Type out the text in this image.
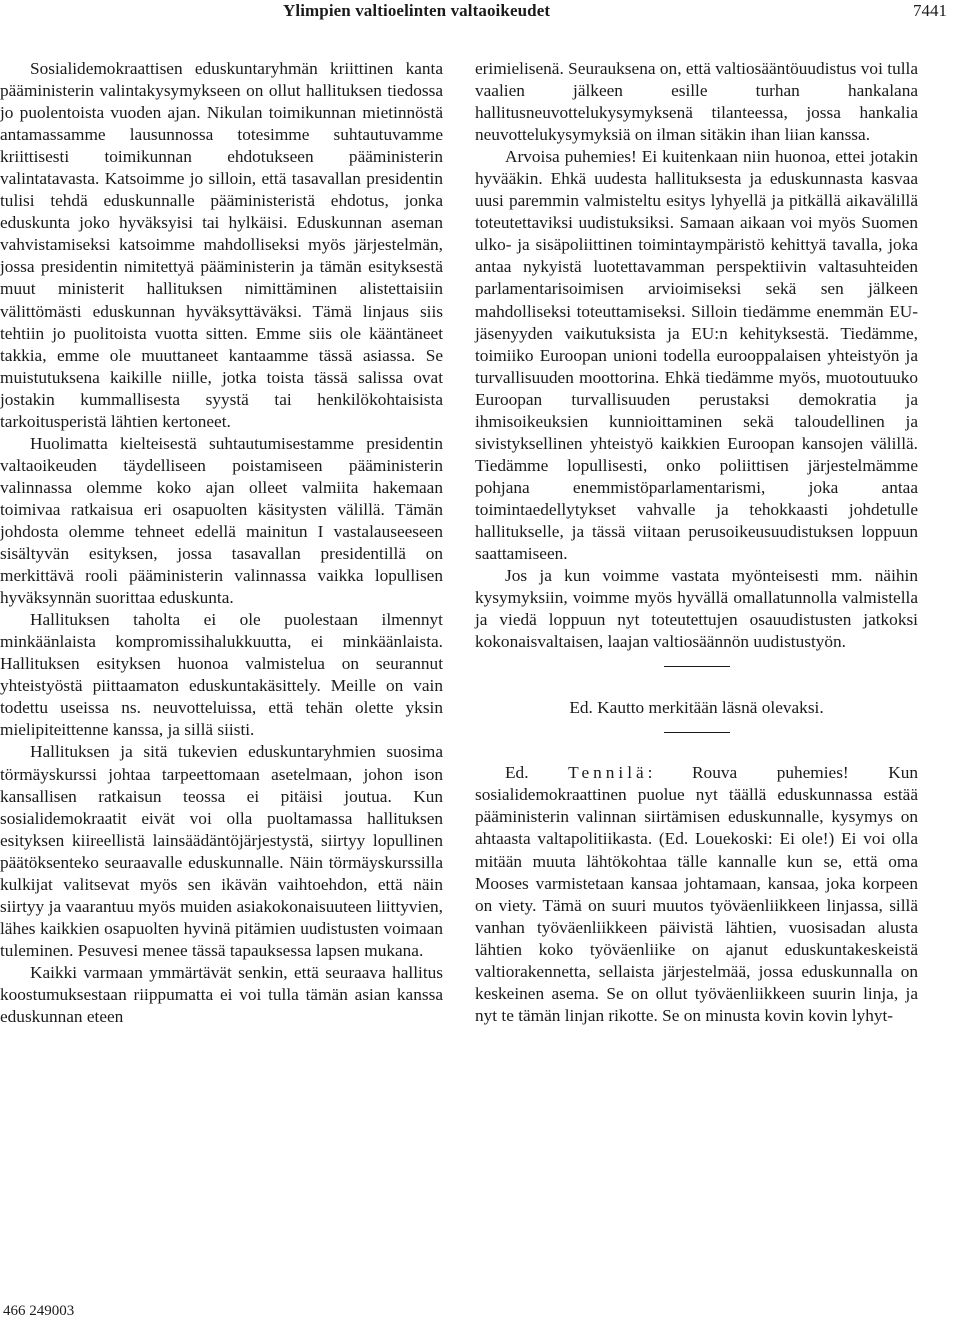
Ylimpien valtioelinten valtaoikeudet	7441

Sosialidemokraattisen eduskuntaryhmän kriittinen kanta pääministerin valintakysymykseen on ollut hallituksen tiedossa jo puolentoista vuoden ajan. Nikulan toimikunnan mietinnöstä antamassamme lausunnossa totesimme suhtautuvamme kriittisesti toimikunnan ehdotukseen pääministerin valintatavasta. Katsoimme jo silloin, että tasavallan presidentin tulisi tehdä eduskunnalle pääministeristä ehdotus, jonka eduskunta joko hyväksyisi tai hylkäisi. Eduskunnan aseman vahvistamiseksi katsoimme mahdolliseksi myös järjestelmän, jossa presidentin nimitettyä pääministerin ja tämän esityksestä muut ministerit hallituksen nimittäminen alistettaisiin välittömästi eduskunnan hyväksyttäväksi. Tämä linjaus siis tehtiin jo puolitoista vuotta sitten. Emme siis ole kääntäneet takkia, emme ole muuttaneet kantaamme tässä asiassa. Se muistutuksena kaikille niille, jotka toista tässä salissa ovat jostakin kummallisesta syystä tai henkilökohtaisista tarkoitusperistä lähtien kertoneet.

Huolimatta kielteisestä suhtautumisestamme presidentin valtaoikeuden täydelliseen poistamiseen pääministerin valinnassa olemme koko ajan olleet valmiita hakemaan toimivaa ratkaisua eri osapuolten käsitysten välillä. Tämän johdosta olemme tehneet edellä mainitun I vastalauseeseen sisältyvän esityksen, jossa tasavallan presidentillä on merkittävä rooli pääministerin valinnassa vaikka lopullisen hyväksynnän suorittaa eduskunta.

Hallituksen taholta ei ole puolestaan ilmennyt minkäänlaista kompromissihalukkuutta, ei minkäänlaista. Hallituksen esityksen huonoa valmistelua on seurannut yhteistyöstä piittaamaton eduskuntakäsittely. Meille on vain todettu useissa ns. neuvotteluissa, että tehän olette yksin mielipiteittenne kanssa, ja sillä siisti.

Hallituksen ja sitä tukevien eduskuntaryhmien suosima törmäyskurssi johtaa tarpeettomaan asetelmaan, johon ison kansallisen ratkaisun teossa ei pitäisi joutua. Kun sosialidemokraatit eivät voi olla puoltamassa hallituksen esityksen kiireellistä lainsäädäntöjärjestystä, siirtyy lopullinen päätöksenteko seuraavalle eduskunnalle. Näin törmäyskurssilla kulkijat valitsevat myös sen ikävän vaihtoehdon, että näin siirtyy ja vaarantuu myös muiden asiakokonaisuuteen liittyvien, lähes kaikkien osapuolten hyvinä pitämien uudistusten voimaan tuleminen. Pesuvesi menee tässä tapauksessa lapsen mukana.

Kaikki varmaan ymmärtävät senkin, että seuraava hallitus koostumuksestaan riippumatta ei voi tulla tämän asian kanssa eduskunnan eteen

erimielisenä. Seurauksena on, että valtiosääntöuudistus voi tulla vaalien jälkeen esille turhan hankalana hallitusneuvottelukysymyksenä tilanteessa, jossa hankalia neuvottelukysymyksiä on ilman sitäkin ihan liian kanssa.

Arvoisa puhemies! Ei kuitenkaan niin huonoa, ettei jotakin hyvääkin. Ehkä uudesta hallituksesta ja eduskunnasta kasvaa uusi paremmin valmisteltu esitys lyhyellä ja pitkällä aikavälillä toteutettaviksi uudistuksiksi. Samaan aikaan voi myös Suomen ulko- ja sisäpoliittinen toimintaympäristö kehittyä tavalla, joka antaa nykyistä luotettavamman perspektiivin valtasuhteiden parlamentarisoimisen arvioimiseksi sekä sen jälkeen mahdolliseksi toteuttamiseksi. Silloin tiedämme enemmän EU-jäsenyyden vaikutuksista ja EU:n kehityksestä. Tiedämme, toimiiko Euroopan unioni todella eurooppalaisen yhteistyön ja turvallisuuden moottorina. Ehkä tiedämme myös, muotoutuuko Euroopan turvallisuuden perustaksi demokratia ja ihmisoikeuksien kunnioittaminen sekä taloudellinen ja sivistyksellinen yhteistyö kaikkien Euroopan kansojen välillä. Tiedämme lopullisesti, onko poliittisen järjestelmämme pohjana enemmistöparlamentarismi, joka antaa toimintaedellytykset vahvalle ja tehokkaasti johdetulle hallitukselle, ja tässä viitaan perusoikeusuudistuksen loppuun saattamiseen.

Jos ja kun voimme vastata myönteisesti mm. näihin kysymyksiin, voimme myös hyvällä omallatunnolla valmistella ja viedä loppuun nyt toteutettujen osauudistusten jatkoksi kokonaisvaltaisen, laajan valtiosäännön uudistustyön.

Ed. Kautto merkitään läsnä olevaksi.

Ed. Tennilä: Rouva puhemies! Kun sosialidemokraattinen puolue nyt täällä eduskunnassa estää pääministerin valinnan siirtämisen eduskunnalle, kysymys on ahtaasta valtapolitiikasta. (Ed. Louekoski: Ei ole!) Ei voi olla mitään muuta lähtökohtaa tälle kannalle kun se, että oma Mooses varmistetaan kansaa johtamaan, kansaa, joka korpeen on viety. Tämä on suuri muutos työväenliikkeen linjassa, sillä vanhan työväenliikkeen päivistä lähtien, vuosisadan alusta lähtien koko työväenliike on ajanut eduskuntakeskeistä valtiorakennetta, sellaista järjestelmää, jossa eduskunnalla on keskeinen asema. Se on ollut työväenliikkeen suurin linja, ja nyt te tämän linjan rikotte. Se on minusta kovin kovin lyhyt-

466 249003
